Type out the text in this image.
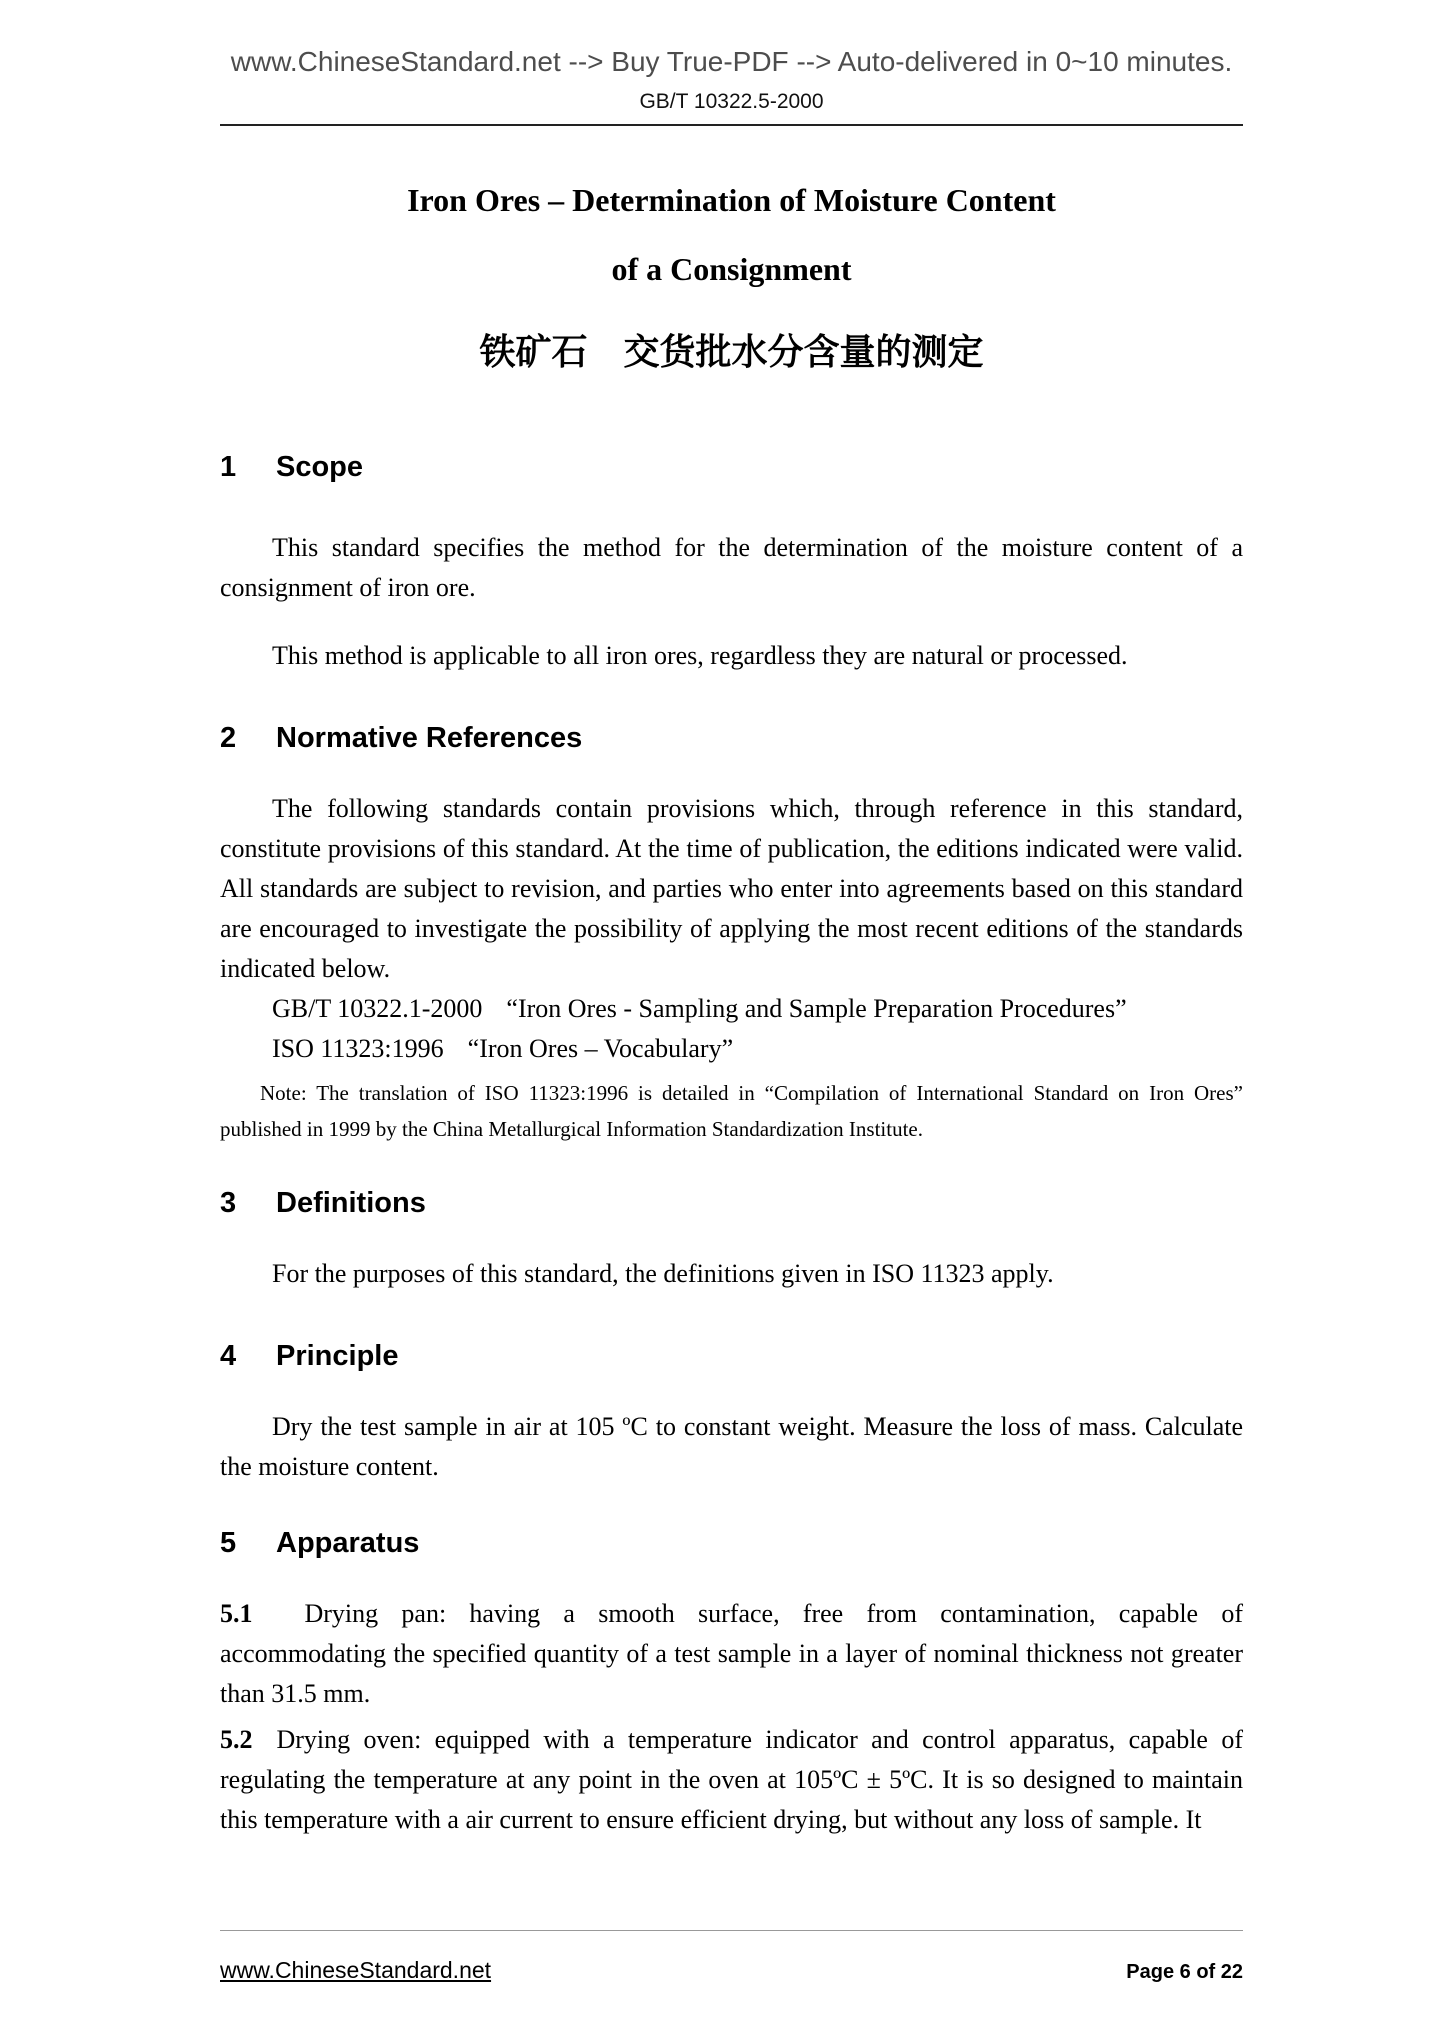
www.ChineseStandard.net --> Buy True-PDF --> Auto-delivered in 0~10 minutes.
GB/T 10322.5-2000
Iron Ores – Determination of Moisture Content
of a Consignment
铁矿石　交货批水分含量的测定
1 Scope

This standard specifies the method for the determination of the moisture content of a consignment of iron ore.

This method is applicable to all iron ores, regardless they are natural or processed.

2 Normative References

The following standards contain provisions which, through reference in this standard, constitute provisions of this standard. At the time of publication, the editions indicated were valid. All standards are subject to revision, and parties who enter into agreements based on this standard are encouraged to investigate the possibility of applying the most recent editions of the standards indicated below.

GB/T 10322.1-2000 “Iron Ores - Sampling and Sample Preparation Procedures”

ISO 11323:1996 “Iron Ores – Vocabulary”

Note: The translation of ISO 11323:1996 is detailed in “Compilation of International Standard on Iron Ores” published in 1999 by the China Metallurgical Information Standardization Institute.

3 Definitions

For the purposes of this standard, the definitions given in ISO 11323 apply.

4 Principle

Dry the test sample in air at 105 ºC to constant weight. Measure the loss of mass. Calculate the moisture content.

5 Apparatus

5.1 Drying pan: having a smooth surface, free from contamination, capable of accommodating the specified quantity of a test sample in a layer of nominal thickness not greater than 31.5 mm.

5.2 Drying oven: equipped with a temperature indicator and control apparatus, capable of regulating the temperature at any point in the oven at 105ºC ± 5ºC. It is so designed to maintain this temperature with a air current to ensure efficient drying, but without any loss of sample. It

www.ChineseStandard.net	Page 6 of 22
